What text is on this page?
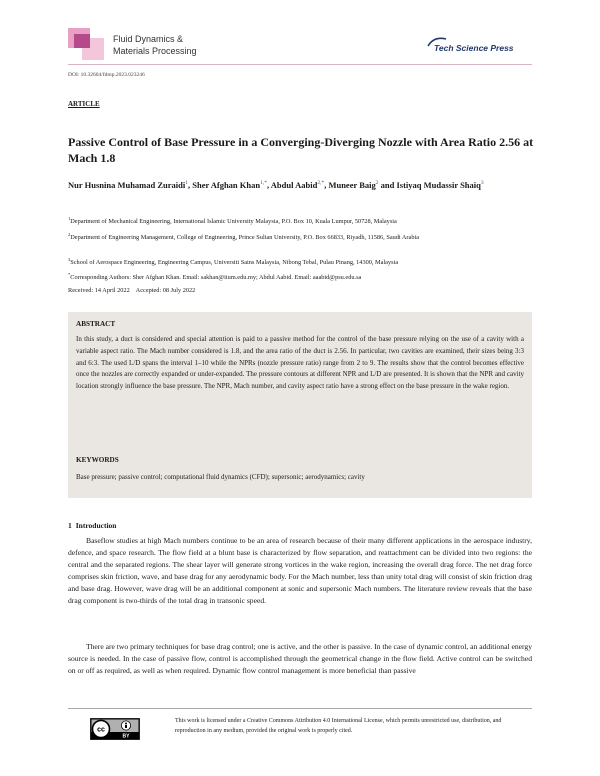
Fluid Dynamics &
Materials Processing	Tech Science Press
DOI: 10.32604/fdmp.2023.023246
ARTICLE
Passive Control of Base Pressure in a Converging-Diverging Nozzle with Area Ratio 2.56 at Mach 1.8
Nur Husnina Muhamad Zuraidi$^1$, Sher Afghan Khan$^{1,*}$, Abdul Aabid$^{2,*}$, Muneer Baig$^2$ and Istiyaq Mudassir Shaiq$^3$
$^1$Department of Mechanical Engineering, International Islamic University Malaysia, P.O. Box 10, Kuala Lumpur, 50728, Malaysia
$^2$Department of Engineering Management, College of Engineering, Prince Sultan University, P.O. Box 66833, Riyadh, 11586, Saudi Arabia
$^3$School of Aerospace Engineering, Engineering Campus, Universiti Sains Malaysia, Nibong Tebal, Pulau Pinang, 14300, Malaysia
*Corresponding Authors: Sher Afghan Khan. Email: sakhan@iium.edu.my; Abdul Aabid. Email: aaabid@psu.edu.sa
Received: 14 April 2022    Accepted: 08 July 2022
ABSTRACT
In this study, a duct is considered and special attention is paid to a passive method for the control of the base pressure relying on the use of a cavity with a variable aspect ratio. The Mach number considered is 1.8, and the area ratio of the duct is 2.56. In particular, two cavities are examined, their sizes being 3:3 and 6:3. The used L/D spans the interval 1–10 while the NPRs (nozzle pressure ratio) range from 2 to 9. The results show that the control becomes effective once the nozzles are correctly expanded or under-expanded. The pressure contours at different NPR and L/D are presented. It is shown that the NPR and cavity location strongly influence the base pressure. The NPR, Mach number, and cavity aspect ratio have a strong effect on the base pressure in the wake region.
KEYWORDS
Base pressure; passive control; computational fluid dynamics (CFD); supersonic; aerodynamics; cavity
1 Introduction
Baseflow studies at high Mach numbers continue to be an area of research because of their many different applications in the aerospace industry, defence, and space research. The flow field at a blunt base is characterized by flow separation, and reattachment can be divided into two regions: the central and the separated regions. The shear layer will generate strong vortices in the wake region, increasing the overall drag force. The net drag force comprises skin friction, wave, and base drag for any aerodynamic body. For the Mach number, less than unity total drag will consist of skin friction drag and base drag. However, wave drag will be an additional component at sonic and supersonic Mach numbers. The literature review reveals that the base drag component is two-thirds of the total drag in transonic speed.
There are two primary techniques for base drag control; one is active, and the other is passive. In the case of dynamic control, an additional energy source is needed. In the case of passive flow, control is accomplished through the geometrical change in the flow field. Active control can be switched on or off as required, as well as when required. Dynamic flow control management is more beneficial than passive
cc
BY
This work is licensed under a Creative Commons Attribution 4.0 International License, which permits unrestricted use, distribution, and reproduction in any medium, provided the original work is properly cited.
